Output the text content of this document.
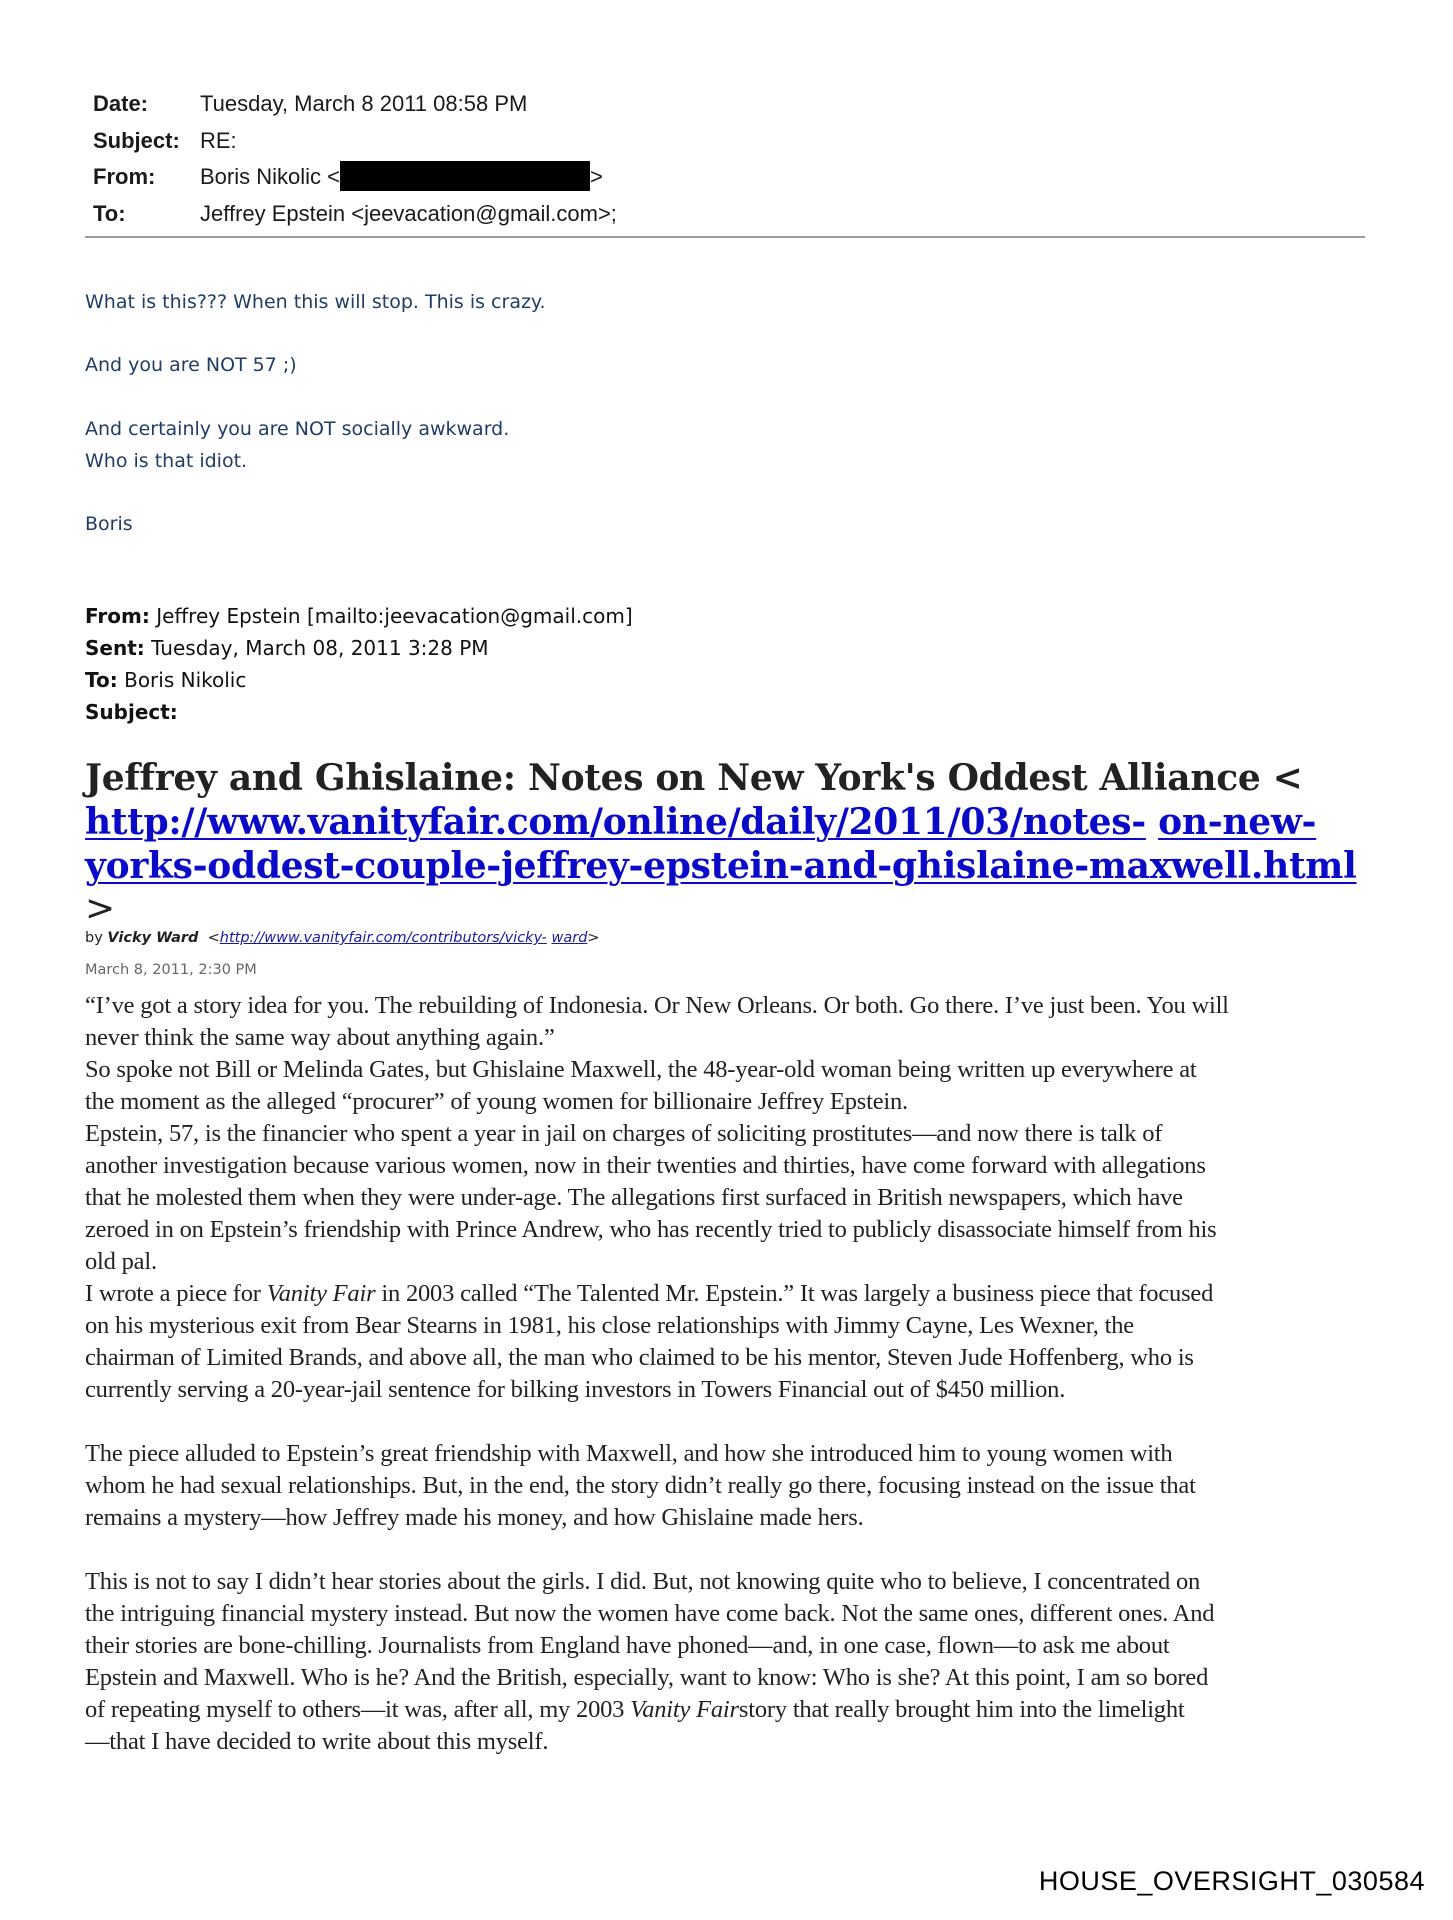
Date: Tuesday, March 8 2011 08:58 PM
Subject: RE:
From: Boris Nikolic <	>
To:	Jeffrey Epstein <jeevacation@gmail.com>;
What is this??? When this will stop. This is crazy.
And you are NOT 57 ;)
And certainly you are NOT socially awkward.
Who is that idiot.
Boris
From: Jeffrey Epstein [mailto:jeevacation@gmail.com]
Sent: Tuesday, March 08, 2011 3:28 PM
To: Boris Nikolic
Subject:
Jeffrey and Ghislaine: Notes on New York's Oddest Alliance <
http://www.vanityfair.com/online/daily/2011/03/notes- on-new-
yorks-oddest-couple-jeffrey-epstein-and-ghislaine-maxwell.html
>
by Vicky Ward <http://www.vanityfair.com/contributors/vicky- ward>
March 8, 2011, 2:30 PM
“I’ve got a story idea for you. The rebuilding of Indonesia. Or New Orleans. Or both. Go there. I’ve just been. You will
never think the same way about anything again.”
So spoke not Bill or Melinda Gates, but Ghislaine Maxwell, the 48-year-old woman being written up everywhere at
the moment as the alleged “procurer” of young women for billionaire Jeffrey Epstein.
Epstein, 57, is the financier who spent a year in jail on charges of soliciting prostitutes—and now there is talk of
another investigation because various women, now in their twenties and thirties, have come forward with allegations
that he molested them when they were under-age. The allegations first surfaced in British newspapers, which have
zeroed in on Epstein’s friendship with Prince Andrew, who has recently tried to publicly disassociate himself from his
old pal.
I wrote a piece for Vanity Fair in 2003 called “The Talented Mr. Epstein.” It was largely a business piece that focused
on his mysterious exit from Bear Stearns in 1981, his close relationships with Jimmy Cayne, Les Wexner, the
chairman of Limited Brands, and above all, the man who claimed to be his mentor, Steven Jude Hoffenberg, who is
currently serving a 20-year-jail sentence for bilking investors in Towers Financial out of $450 million.
The piece alluded to Epstein’s great friendship with Maxwell, and how she introduced him to young women with
whom he had sexual relationships. But, in the end, the story didn’t really go there, focusing instead on the issue that
remains a mystery—how Jeffrey made his money, and how Ghislaine made hers.
This is not to say I didn’t hear stories about the girls. I did. But, not knowing quite who to believe, I concentrated on
the intriguing financial mystery instead. But now the women have come back. Not the same ones, different ones. And
their stories are bone-chilling. Journalists from England have phoned—and, in one case, flown—to ask me about
Epstein and Maxwell. Who is he? And the British, especially, want to know: Who is she? At this point, I am so bored
of repeating myself to others—it was, after all, my 2003 Vanity Fairstory that really brought him into the limelight
—that I have decided to write about this myself.
HOUSE_OVERSIGHT_030584
